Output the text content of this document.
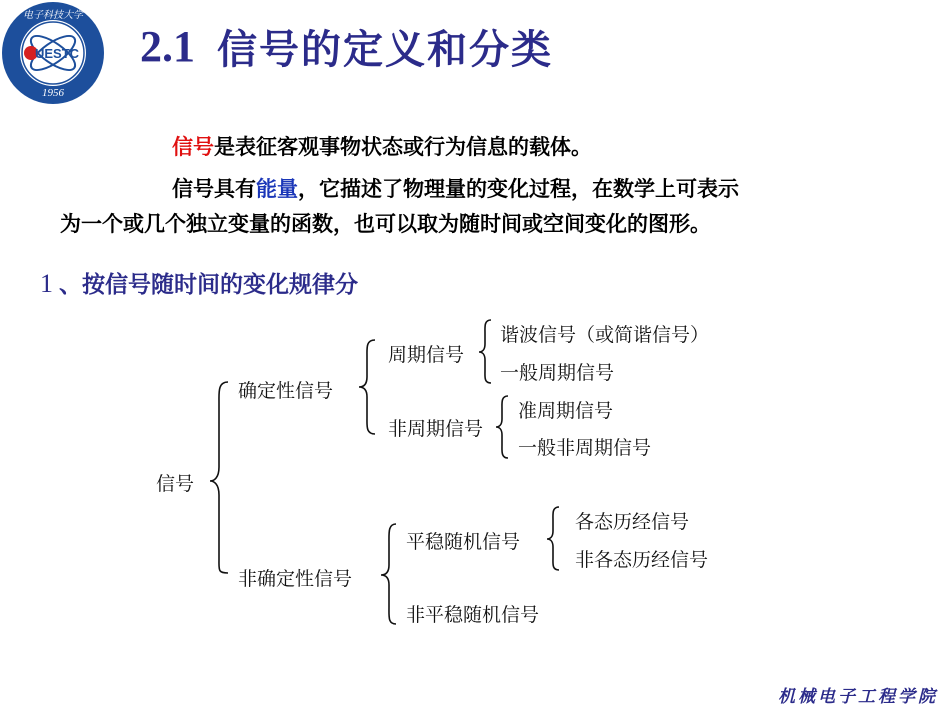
UESTC
电子科技大学
1956
2.1 信号的定义和分类
信号是表征客观事物状态或行为信息的载体。
信号具有能量，它描述了物理量的变化过程，在数学上可表示
为一个或几个独立变量的函数，也可以取为随时间或空间变化的图形。
1 、按信号随时间的变化规律分
信号
确定性信号
周期信号
谐波信号（或简谐信号）
一般周期信号
非周期信号
准周期信号
一般非周期信号
非确定性信号
平稳随机信号
各态历经信号
非各态历经信号
非平稳随机信号
机械电子工程学院
